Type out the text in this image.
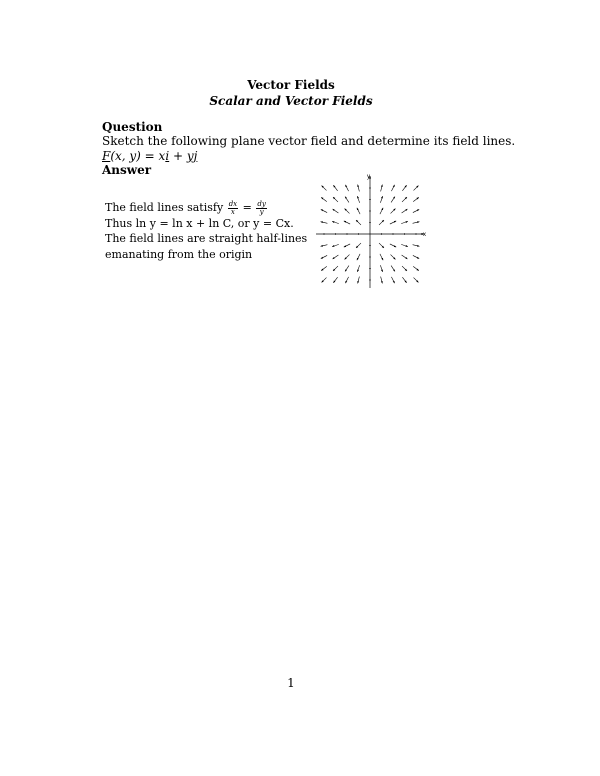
Vector Fields
Scalar and Vector Fields
Question
Sketch the following plane vector field and determine its field lines.
F(x, y) = xi + yj
Answer
The field lines satisfy $\frac{dx}{x} = \frac{dy}{y}$
Thus ln y = ln x + ln C, or y = Cx.
The field lines are straight half-lines
emanating from the origin
x
y
1
